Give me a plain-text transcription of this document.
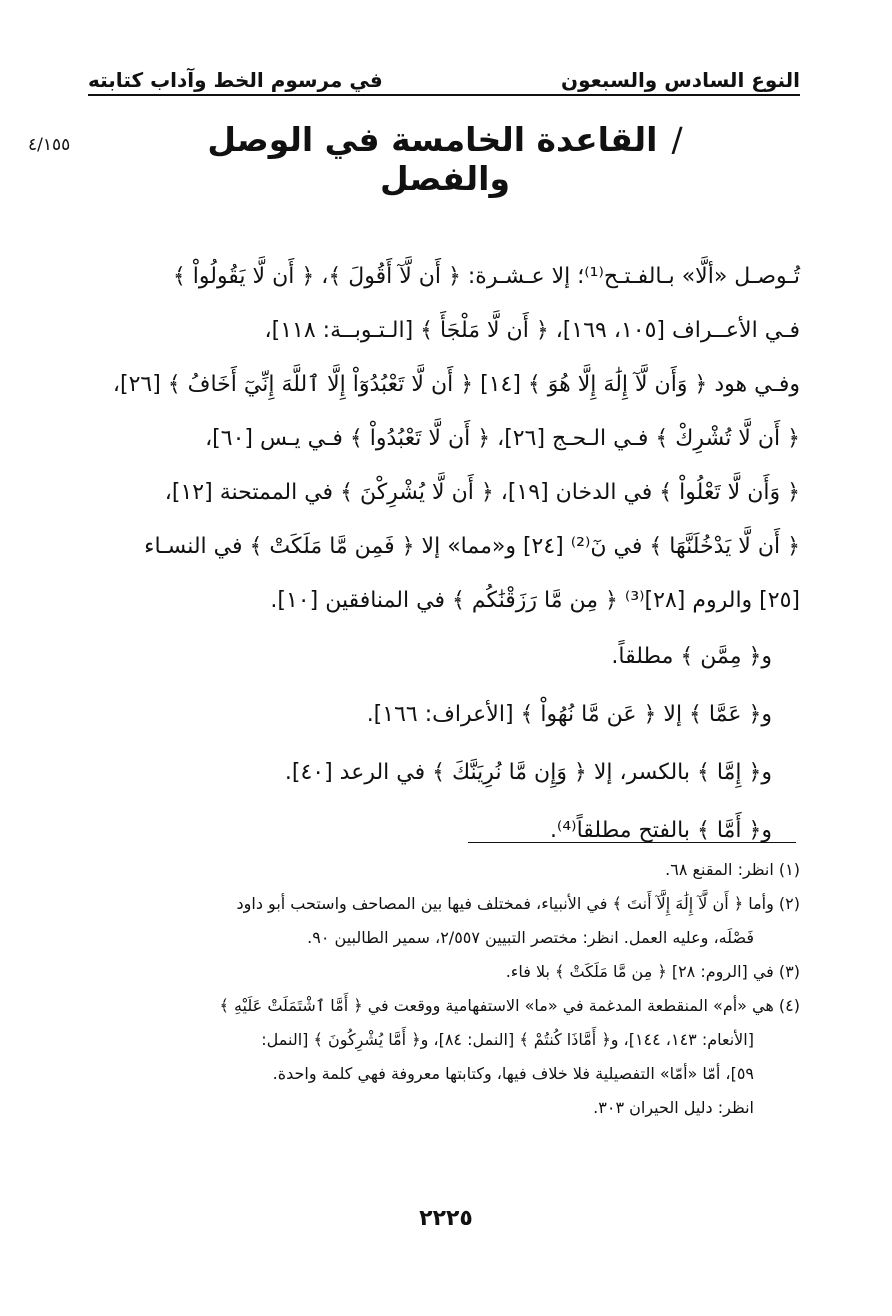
النوع السادس والسبعون
في مرسوم الخط وآداب كتابته
٤/١٥٥	/القاعدة الخامسة في الوصل والفصل

تُـوصـل «ألَّا» بـالفـتـح⁽¹⁾؛ إلا عـشـرة: ﴿ أَن لَّآ أَقُولَ ﴾، ﴿ أَن لَّا يَقُولُواْ ﴾

فـي الأعــراف [١٠٥، ١٦٩]، ﴿ أَن لَّا مَلْجَأَ ﴾ [الـتـوبــة: ١١٨]،

وفـي هود ﴿ وَأَن لَّآ إِلَٰهَ إِلَّا هُوَ ﴾ [١٤] ﴿ أَن لَّا تَعْبُدُوٓاْ إِلَّا ٱللَّهَ إِنِّيٓ أَخَافُ ﴾ [٢٦]،

﴿ أَن لَّا تُشْرِكْ ﴾ فـي الـحـج [٢٦]، ﴿ أَن لَّا تَعْبُدُواْ ﴾ فـي يـس [٦٠]،

﴿ وَأَن لَّا تَعْلُواْ ﴾ في الدخان [١٩]، ﴿ أَن لَّا يُشْرِكْنَ ﴾ في الممتحنة [١٢]،

﴿ أَن لَّا يَدْخُلَنَّهَا ﴾ في نٓ⁽²⁾ [٢٤] و«مما» إلا ﴿ فَمِن مَّا مَلَكَتْ ﴾ في النسـاء

[٢٥] والروم [٢٨]⁽³⁾ ﴿ مِن مَّا رَزَقْنَٰكُم ﴾ في المنافقين [١٠].

و﴿ مِمَّن ﴾ مطلقاً.

و﴿ عَمَّا ﴾ إلا ﴿ عَن مَّا نُهُواْ ﴾ [الأعراف: ١٦٦].

و﴿ إِمَّا ﴾ بالكسر، إلا ﴿ وَإِن مَّا نُرِيَنَّكَ ﴾ في الرعد [٤٠].

و﴿ أَمَّا ﴾ بالفتح مطلقاً⁽⁴⁾.

(١) انظر: المقنع ٦٨.

(٢) وأما ﴿ أَن لَّآ إِلَٰهَ إِلَّآ أَنتَ ﴾ في الأنبياء، فمختلف فيها بين المصاحف واستحب أبو داود

فَصْلَه، وعليه العمل. انظر: مختصر التبيين ٢/٥٥٧، سمير الطالبين ٩٠.

(٣) في [الروم: ٢٨] ﴿ مِن مَّا مَلَكَتْ ﴾ بلا فاء.

(٤) هي «أم» المنقطعة المدغمة في «ما» الاستفهامية ووقعت في ﴿ أَمَّا ٱشْتَمَلَتْ عَلَيْهِ ﴾

[الأنعام: ١٤٣، ١٤٤]، و﴿ أَمَّاذَا كُنتُمْ ﴾ [النمل: ٨٤]، و﴿ أَمَّا يُشْرِكُونَ ﴾ [النمل:

٥٩]، أمّا «أمّا» التفصيلية فلا خلاف فيها، وكتابتها معروفة فهي كلمة واحدة.

انظر: دليل الحيران ٣٠٣.

٢٢٢٥
